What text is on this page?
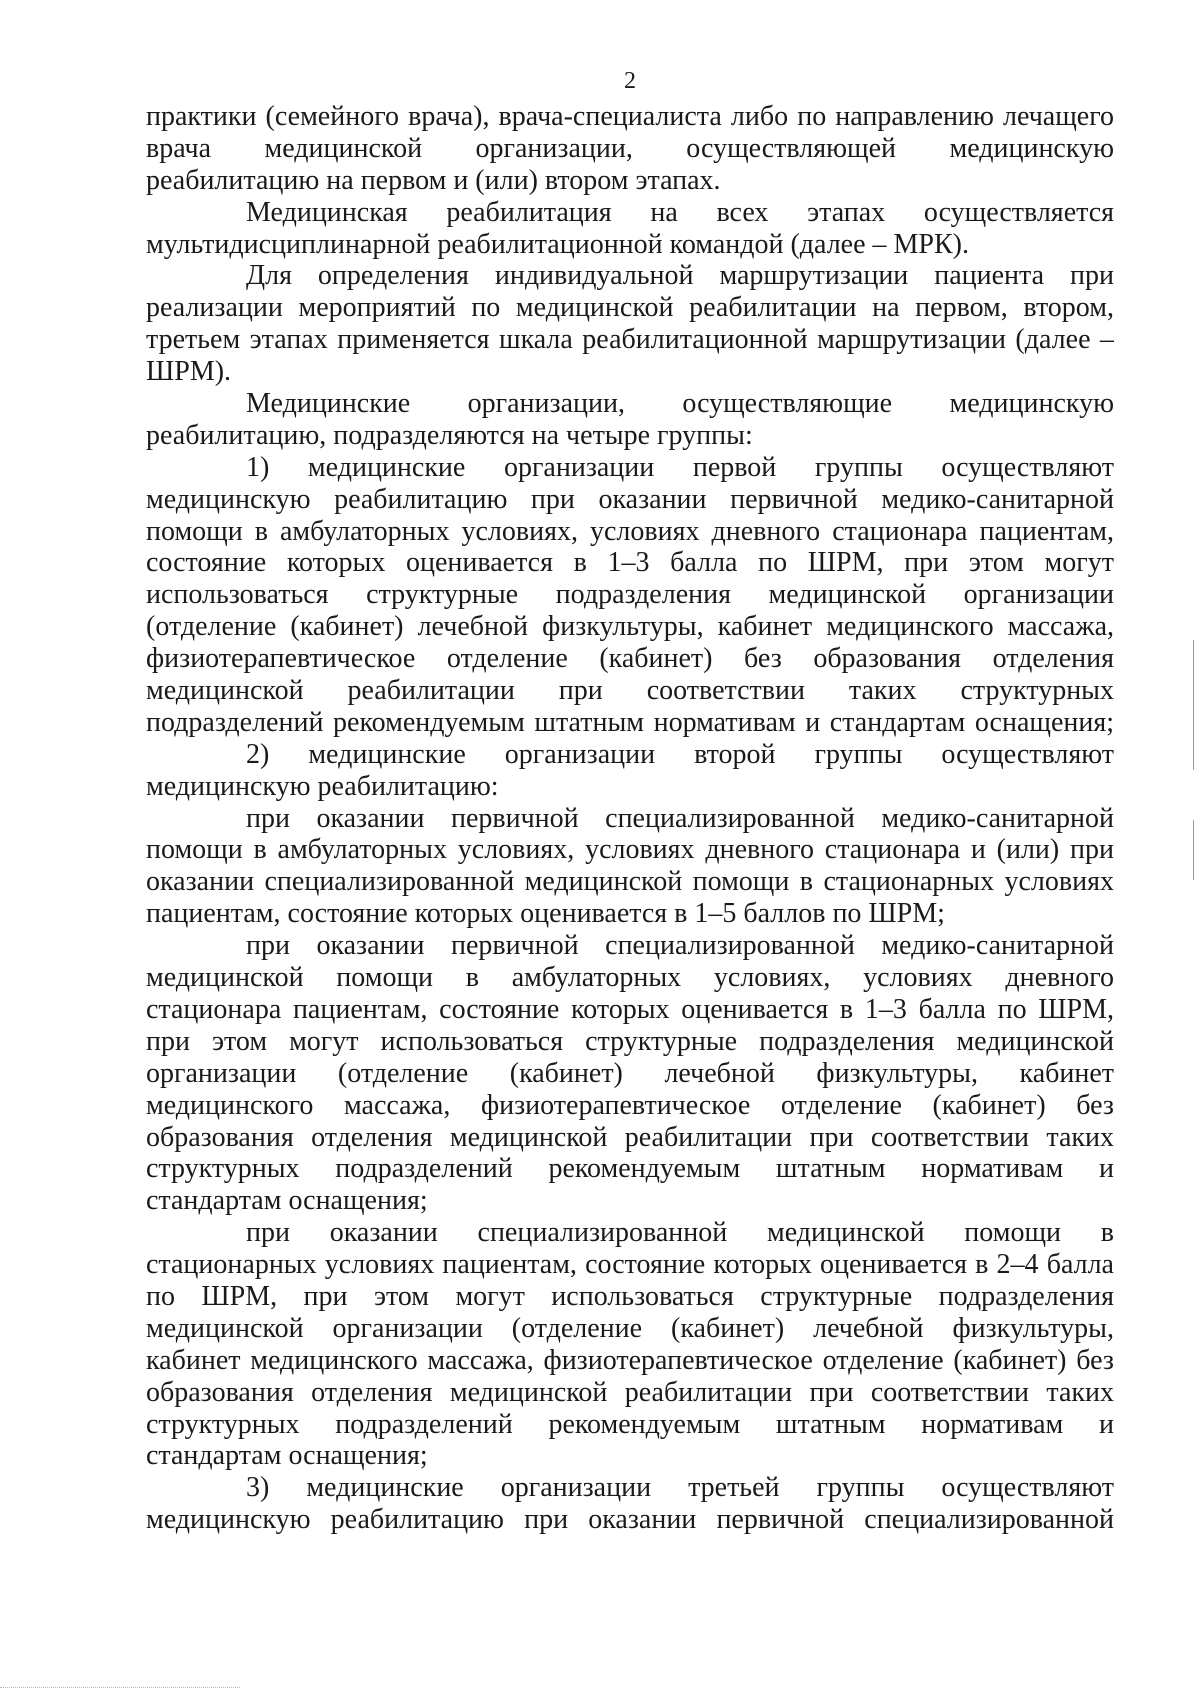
2
практики (семейного врача), врача-специалиста либо по направлению лечащего
врача медицинской организации, осуществляющей медицинскую
реабилитацию на первом и (или) втором этапах.
Медицинская реабилитация на всех этапах осуществляется
мультидисциплинарной реабилитационной командой (далее – МРК).
Для определения индивидуальной маршрутизации пациента при
реализации мероприятий по медицинской реабилитации на первом, втором,
третьем этапах применяется шкала реабилитационной маршрутизации (далее –
ШРМ).
Медицинские организации, осуществляющие медицинскую
реабилитацию, подразделяются на четыре группы:
1) медицинские организации первой группы осуществляют
медицинскую реабилитацию при оказании первичной медико-санитарной
помощи в амбулаторных условиях, условиях дневного стационара пациентам,
состояние которых оценивается в 1–3 балла по ШРМ, при этом могут
использоваться структурные подразделения медицинской организации
(отделение (кабинет) лечебной физкультуры, кабинет медицинского массажа,
физиотерапевтическое отделение (кабинет) без образования отделения
медицинской реабилитации при соответствии таких структурных
подразделений рекомендуемым штатным нормативам и стандартам оснащения;
2) медицинские организации второй группы осуществляют
медицинскую реабилитацию:
при оказании первичной специализированной медико-санитарной
помощи в амбулаторных условиях, условиях дневного стационара и (или) при
оказании специализированной медицинской помощи в стационарных условиях
пациентам, состояние которых оценивается в 1–5 баллов по ШРМ;
при оказании первичной специализированной медико-санитарной
медицинской помощи в амбулаторных условиях, условиях дневного
стационара пациентам, состояние которых оценивается в 1–3 балла по ШРМ,
при этом могут использоваться структурные подразделения медицинской
организации (отделение (кабинет) лечебной физкультуры, кабинет
медицинского массажа, физиотерапевтическое отделение (кабинет) без
образования отделения медицинской реабилитации при соответствии таких
структурных подразделений рекомендуемым штатным нормативам и
стандартам оснащения;
при оказании специализированной медицинской помощи в
стационарных условиях пациентам, состояние которых оценивается в 2–4 балла
по ШРМ, при этом могут использоваться структурные подразделения
медицинской организации (отделение (кабинет) лечебной физкультуры,
кабинет медицинского массажа, физиотерапевтическое отделение (кабинет) без
образования отделения медицинской реабилитации при соответствии таких
структурных подразделений рекомендуемым штатным нормативам и
стандартам оснащения;
3) медицинские организации третьей группы осуществляют
медицинскую реабилитацию при оказании первичной специализированной
